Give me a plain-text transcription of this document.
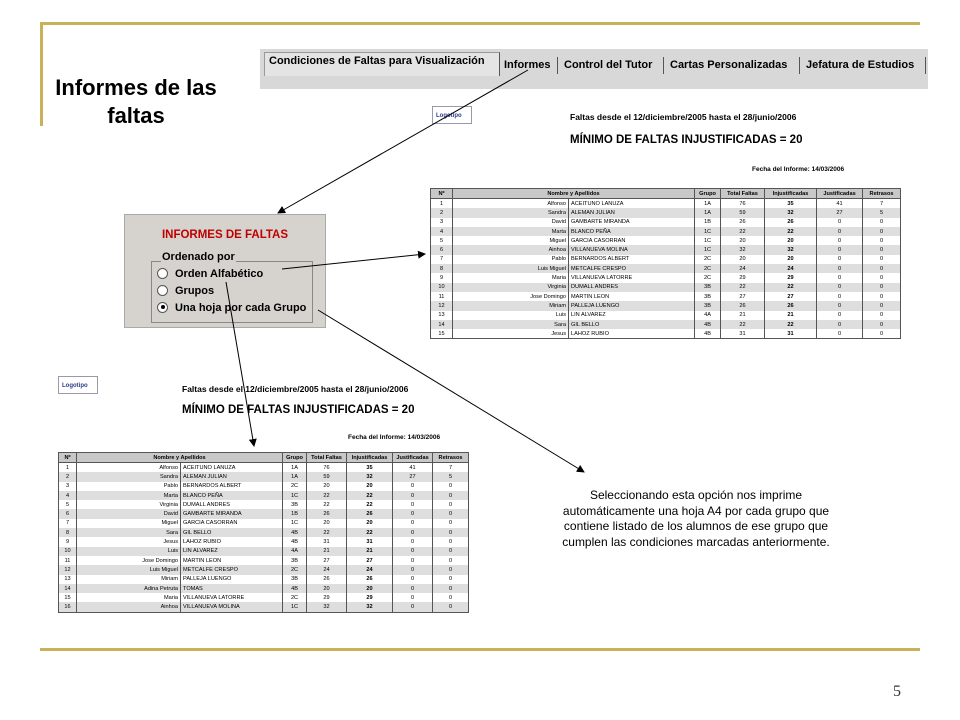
Informes de las faltas
5
Condiciones de Faltas para Visualización	Informes	Control del Tutor	Cartas Personalizadas	Jefatura de Estudios
Logotipo	Faltas desde el 12/diciembre/2005 hasta el 28/junio/2006
MÍNIMO DE FALTAS INJUSTIFICADAS = 20
Fecha del Informe: 14/03/2006
Nº	Nombre y Apellidos		Grupo	Total Faltas	Injustificadas	Justificadas	Retrasos
1	Alfonso	ACEITUNO LANUZA	1A	76	35	41	7
2	Sandra	ALEMAN JULIAN	1A	59	32	27	5
3	David	GAMBARTE MIRANDA	1B	26	26	0	0
4	Marta	BLANCO PEÑA	1C	22	22	0	0
5	Miguel	GARCIA CASORRAN	1C	20	20	0	0
6	Ainhoa	VILLANUEVA MOLINA	1C	32	32	0	0
7	Pablo	BERNARDOS ALBERT	2C	20	20	0	0
8	Luis Miguel	METCALFE CRESPO	2C	24	24	0	0
9	Maria	VILLANUEVA LATORRE	2C	29	29	0	0
10	Virginia	DUMALL ANDRES	3B	22	22	0	0
11	Jose Domingo	MARTIN LEON	3B	27	27	0	0
12	Miriam	PALLEJA LUENGO	3B	26	26	0	0
13	Luis	LIN ALVAREZ	4A	21	21	0	0
14	Sara	GIL BELLO	4B	22	22	0	0
15	Jesus	LAHOZ RUBIO	4B	31	31	0	0
Logotipo	Faltas desde el 12/diciembre/2005 hasta el 28/junio/2006
MÍNIMO DE FALTAS INJUSTIFICADAS = 20
Fecha del Informe: 14/03/2006
Nº	Nombre y Apellidos		Grupo	Total Faltas	Injustificadas	Justificadas	Retrasos
1	Alfonso	ACEITUNO LANUZA	1A	76	35	41	7
2	Sandra	ALEMAN JULIAN	1A	59	32	27	5
3	Pablo	BERNARDOS ALBERT	2C	20	20	0	0
4	Marta	BLANCO PEÑA	1C	22	22	0	0
5	Virginia	DUMALL ANDRES	3B	22	22	0	0
6	David	GAMBARTE MIRANDA	1B	26	26	0	0
7	Miguel	GARCIA CASORRAN	1C	20	20	0	0
8	Sara	GIL BELLO	4B	22	22	0	0
9	Jesus	LAHOZ RUBIO	4B	31	31	0	0
10	Luis	LIN ALVAREZ	4A	21	21	0	0
11	Jose Domingo	MARTIN LEON	3B	27	27	0	0
12	Luis Miguel	METCALFE CRESPO	2C	24	24	0	0
13	Miriam	PALLEJA LUENGO	3B	26	26	0	0
14	Adina Petruta	TOMAS	4B	20	20	0	0
15	Maria	VILLANUEVA LATORRE	2C	29	29	0	0
16	Ainhoa	VILLANUEVA MOLINA	1C	32	32	0	0
INFORMES DE FALTAS
Ordenado por
Orden Alfabético
Grupos
Una hoja por cada Grupo
Seleccionando esta opción nos imprime automáticamente una hoja A4 por cada grupo que contiene listado de los alumnos de ese grupo que cumplen las condiciones marcadas anteriormente.
